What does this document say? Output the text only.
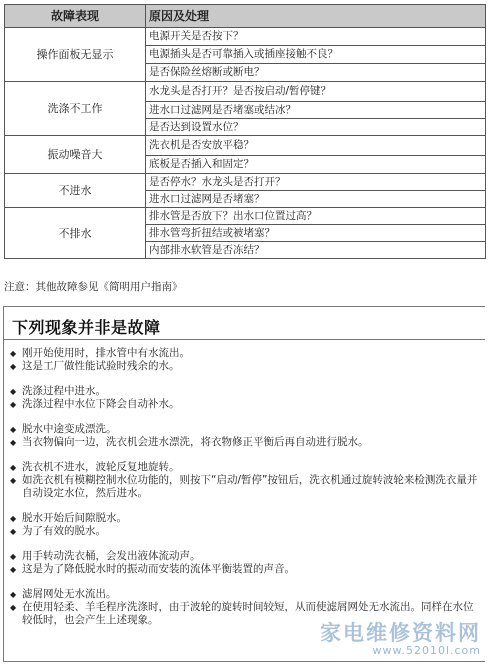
故障表现	原因及处理
操作面板无显示	电源开关是否按下？
	电源插头是否可靠插入或插座接触不良？
	是否保险丝熔断或断电？
洗涤不工作	水龙头是否打开？是否按启动/暂停键？
	进水口过滤网是否堵塞或结冰？
	是否达到设置水位？
振动噪音大	洗衣机是否安放平稳？
	底板是否插入和固定？
不进水	是否停水？水龙头是否打开？
	进水口过滤网是否堵塞？
不排水	排水管是否放下？出水口位置过高？
	排水管弯折扭结或被堵塞？
	内部排水软管是否冻结？
注意：其他故障参见《简明用户指南》
下列现象并非是故障
◆ 刚开始使用时，排水管中有水流出。
◆ 这是工厂做性能试验时残余的水。
◆ 洗涤过程中进水。
◆ 洗涤过程中水位下降会自动补水。
◆ 脱水中途变成漂洗。
◆ 当衣物偏向一边，洗衣机会进水漂洗，将衣物修正平衡后再自动进行脱水。
◆ 洗衣机不进水，波轮反复地旋转。
◆ 如洗衣机有模糊控制水位功能的，则按下“启动/暂停”按钮后，洗衣机通过旋转波轮来检测洗衣量并自动设定水位，然后进水。
◆ 脱水开始后间隙脱水。
◆ 为了有效的脱水。
◆ 用手转动洗衣桶，会发出液体流动声。
◆ 这是为了降低脱水时的振动而安装的流体平衡装置的声音。
◆ 滤屑网处无水流出。
◆ 在使用轻柔、羊毛程序洗涤时，由于波轮的旋转时间较短，从而使滤屑网处无水流出。同样在水位较低时，也会产生上述现象。	家电维修资料网
www.52010l.com
